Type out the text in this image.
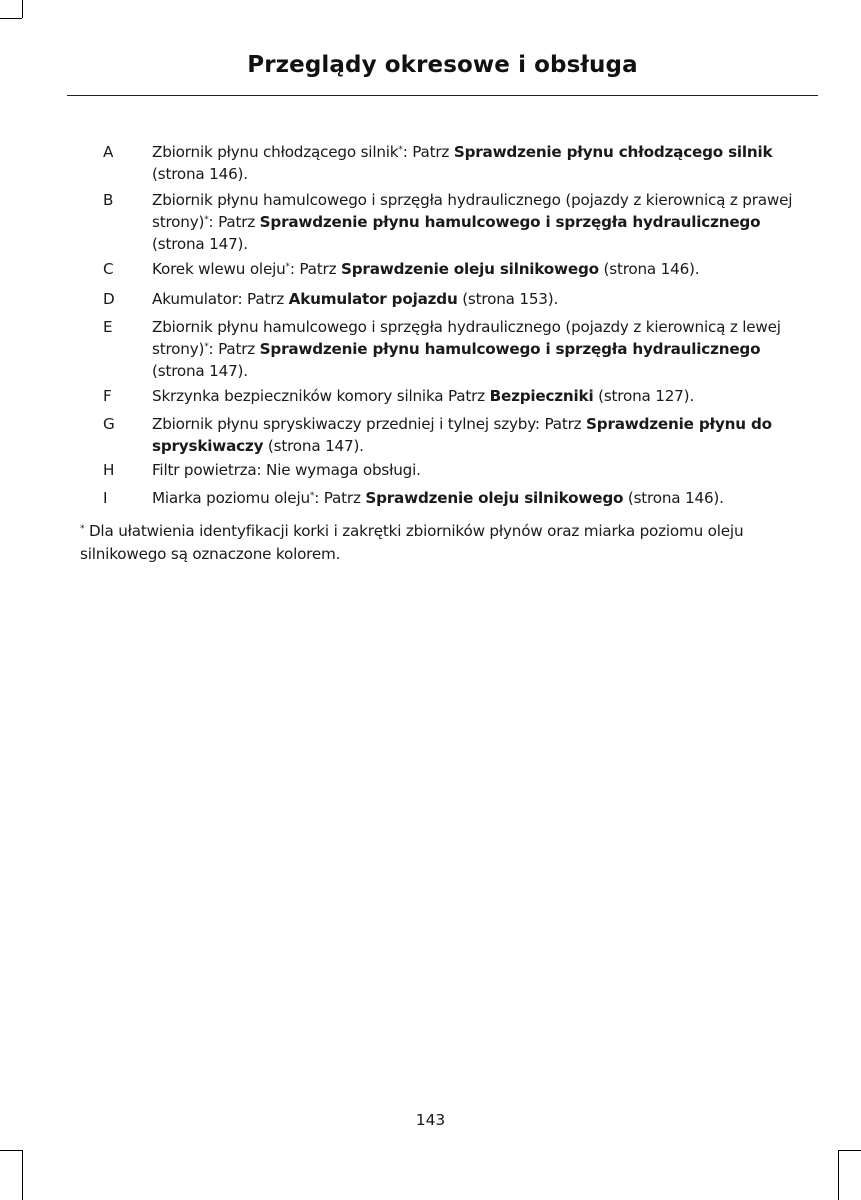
Przeglądy okresowe i obsługa
A	Zbiornik płynu chłodzącego silnik*: Patrz Sprawdzenie płynu chłodzącego silnik (strona 146).
B	Zbiornik płynu hamulcowego i sprzęgła hydraulicznego (pojazdy z kierownicą z prawej strony)*: Patrz Sprawdzenie płynu hamulcowego i sprzęgła hydraulicznego (strona 147).
C	Korek wlewu oleju*: Patrz Sprawdzenie oleju silnikowego (strona 146).
D	Akumulator: Patrz Akumulator pojazdu (strona 153).
E	Zbiornik płynu hamulcowego i sprzęgła hydraulicznego (pojazdy z kierownicą z lewej strony)*: Patrz Sprawdzenie płynu hamulcowego i sprzęgła hydraulicznego (strona 147).
F	Skrzynka bezpieczników komory silnika Patrz Bezpieczniki (strona 127).
G	Zbiornik płynu spryskiwaczy przedniej i tylnej szyby: Patrz Sprawdzenie płynu do spryskiwaczy (strona 147).
H	Filtr powietrza: Nie wymaga obsługi.
I	Miarka poziomu oleju*: Patrz Sprawdzenie oleju silnikowego (strona 146).
* Dla ułatwienia identyfikacji korki i zakrętki zbiorników płynów oraz miarka poziomu oleju silnikowego są oznaczone kolorem.
143
